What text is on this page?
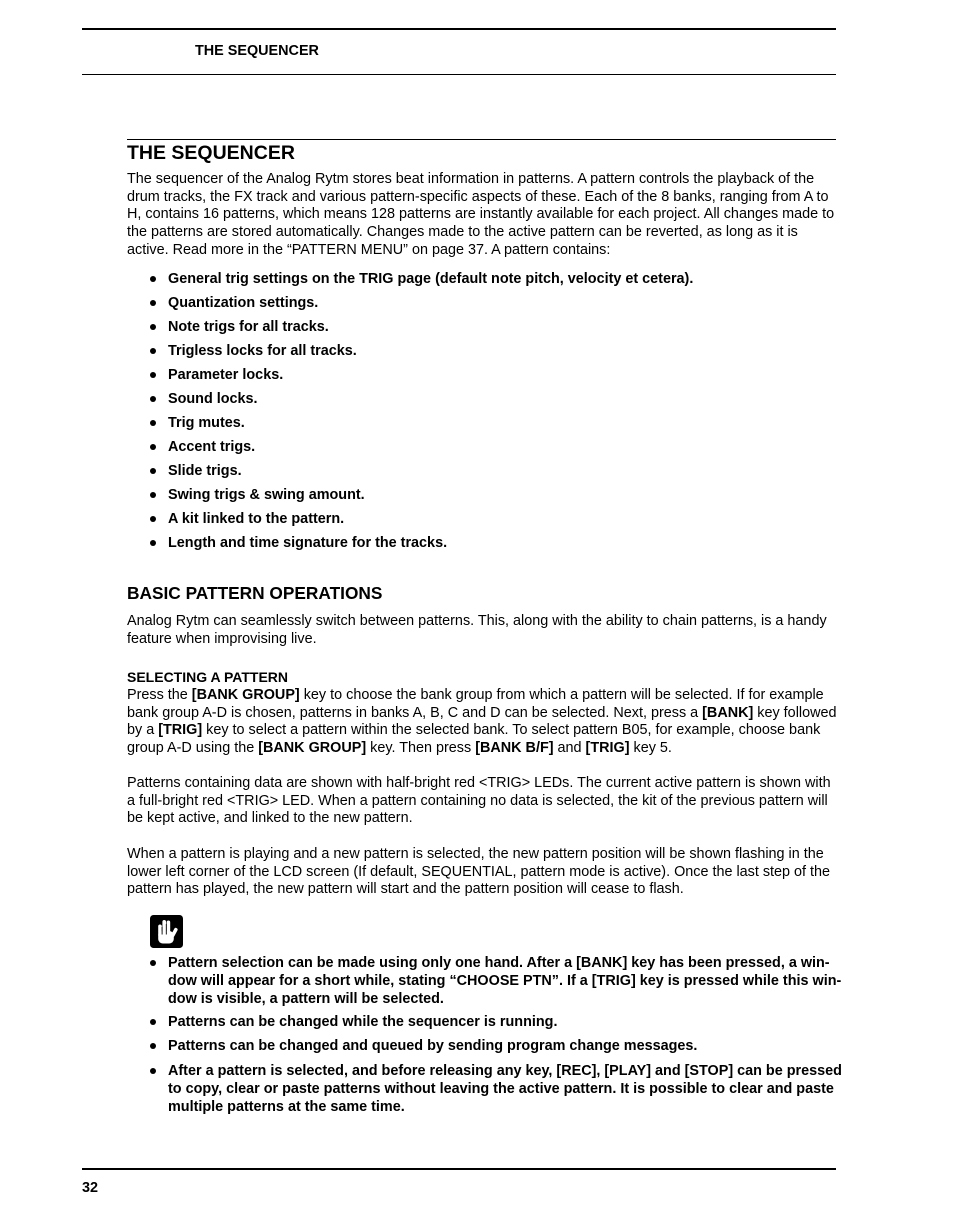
THE SEQUENCER
THE SEQUENCER
The sequencer of the Analog Rytm stores beat information in patterns. A pattern controls the playback of the
drum tracks, the FX track and various pattern-specific aspects of these. Each of the 8 banks, ranging from A to
H, contains 16 patterns, which means 128 patterns are instantly available for each project. All changes made to
the patterns are stored automatically. Changes made to the active pattern can be reverted, as long as it is
active. Read more in the “PATTERN MENU” on page 37. A pattern contains:
General trig settings on the TRIG page (default note pitch, velocity et cetera).
Quantization settings.
Note trigs for all tracks.
Trigless locks for all tracks.
Parameter locks.
Sound locks.
Trig mutes.
Accent trigs.
Slide trigs.
Swing trigs & swing amount.
A kit linked to the pattern.
Length and time signature for the tracks.
BASIC PATTERN OPERATIONS
Analog Rytm can seamlessly switch between patterns. This, along with the ability to chain patterns, is a handy
feature when improvising live.
SELECTING A PATTERN
Press the [BANK GROUP] key to choose the bank group from which a pattern will be selected. If for example
bank group A-D is chosen, patterns in banks A, B, C and D can be selected. Next, press a [BANK] key followed
by a [TRIG] key to select a pattern within the selected bank. To select pattern B05, for example, choose bank
group A-D using the [BANK GROUP] key. Then press [BANK B/F] and [TRIG] key 5.
Patterns containing data are shown with half-bright red <TRIG> LEDs. The current active pattern is shown with
a full-bright red <TRIG> LED. When a pattern containing no data is selected, the kit of the previous pattern will
be kept active, and linked to the new pattern.
When a pattern is playing and a new pattern is selected, the new pattern position will be shown flashing in the
lower left corner of the LCD screen (If default, SEQUENTIAL, pattern mode is active). Once the last step of the
pattern has played, the new pattern will start and the pattern position will cease to flash.
Pattern selection can be made using only one hand. After a [BANK] key has been pressed, a win-
dow will appear for a short while, stating “CHOOSE PTN”. If a [TRIG] key is pressed while this win-
dow is visible, a pattern will be selected.
Patterns can be changed while the sequencer is running.
Patterns can be changed and queued by sending program change messages.
After a pattern is selected, and before releasing any key, [REC], [PLAY] and [STOP] can be pressed
to copy, clear or paste patterns without leaving the active pattern. It is possible to clear and paste
multiple patterns at the same time.
32
